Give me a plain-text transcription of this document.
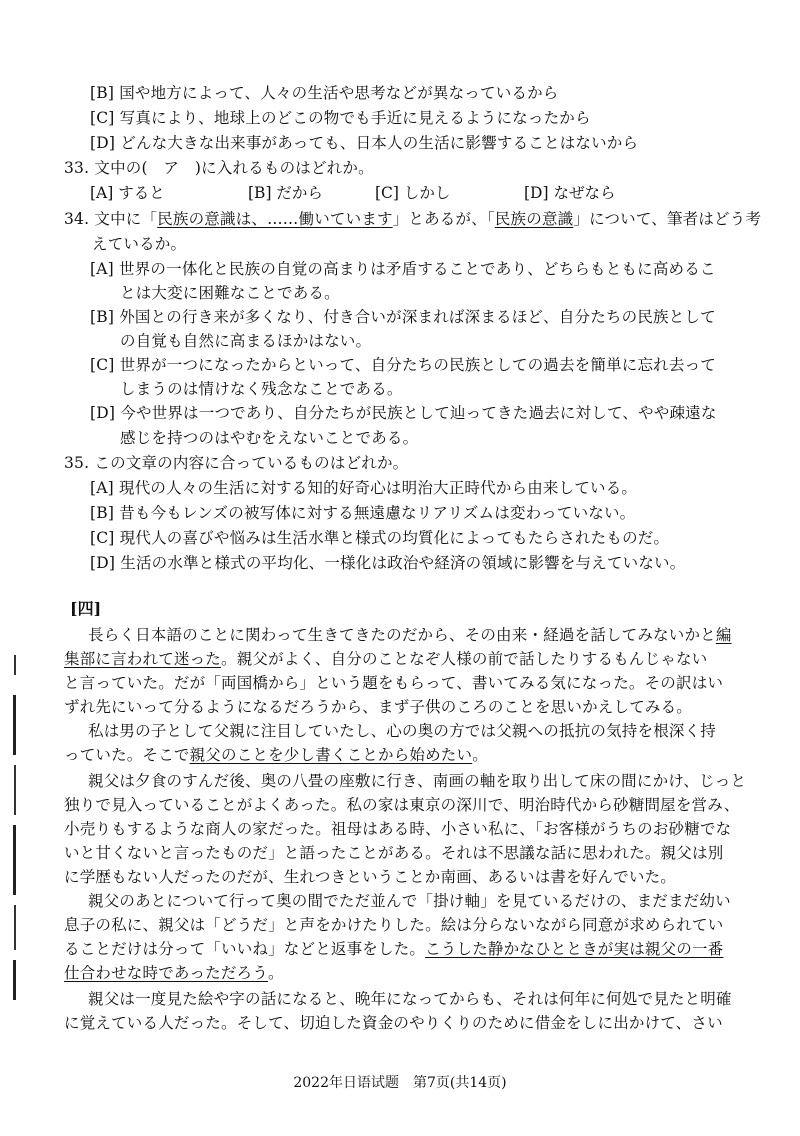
[B] 国や地方によって、人々の生活や思考などが異なっているから
[C] 写真により、地球上のどこの物でも手近に見えるようになったから
[D] どんな大きな出来事があっても、日本人の生活に影響することはないから
33. 文中の(　ア　)に入れるものはどれか。
[A] すると	[B] だから	[C] しかし	[D] なぜなら
34. 文中に「民族の意識は、……働いています」とあるが、「民族の意識」について、筆者はどう考
えているか。
[A] 世界の一体化と民族の自覚の高まりは矛盾することであり、どちらもともに高めるこ
とは大変に困難なことである。
[B] 外国との行き来が多くなり、付き合いが深まれば深まるほど、自分たちの民族として
の自覚も自然に高まるほかはない。
[C] 世界が一つになったからといって、自分たちの民族としての過去を簡単に忘れ去って
しまうのは情けなく残念なことである。
[D] 今や世界は一つであり、自分たちが民族として辿ってきた過去に対して、やや疎遠な
感じを持つのはやむをえないことである。
35. この文章の内容に合っているものはどれか。
[A] 現代の人々の生活に対する知的好奇心は明治大正時代から由来している。
[B] 昔も今もレンズの被写体に対する無遠慮なリアリズムは変わっていない。
[C] 現代人の喜びや悩みは生活水準と様式の均質化によってもたらされたものだ。
[D] 生活の水準と様式の平均化、一様化は政治や経済の領域に影響を与えていない。
[四]
長らく日本語のことに関わって生きてきたのだから、その由来・経過を話してみないかと編
集部に言われて迷った。親父がよく、自分のことなぞ人様の前で話したりするもんじゃない
と言っていた。だが「両国橋から」という題をもらって、書いてみる気になった。その訳はい
ずれ先にいって分るようになるだろうから、まず子供のころのことを思いかえしてみる。
私は男の子として父親に注目していたし、心の奥の方では父親への抵抗の気持を根深く持
っていた。そこで親父のことを少し書くことから始めたい。
親父は夕食のすんだ後、奥の八畳の座敷に行き、南画の軸を取り出して床の間にかけ、じっと
独りで見入っていることがよくあった。私の家は東京の深川で、明治時代から砂糖問屋を営み、
小売りもするような商人の家だった。祖母はある時、小さい私に、「お客様がうちのお砂糖でな
いと甘くないと言ったものだ」と語ったことがある。それは不思議な話に思われた。親父は別
に学歴もない人だったのだが、生れつきということか南画、あるいは書を好んでいた。
親父のあとについて行って奥の間でただ並んで「掛け軸」を見ているだけの、まだまだ幼い
息子の私に、親父は「どうだ」と声をかけたりした。絵は分らないながら同意が求められてい
ることだけは分って「いいね」などと返事をした。こうした静かなひとときが実は親父の一番
仕合わせな時であっただろう。
親父は一度見た絵や字の話になると、晩年になってからも、それは何年に何処で見たと明確
に覚えている人だった。そして、切迫した資金のやりくりのために借金をしに出かけて、さい
2022年日语试题　第7页(共14页)
